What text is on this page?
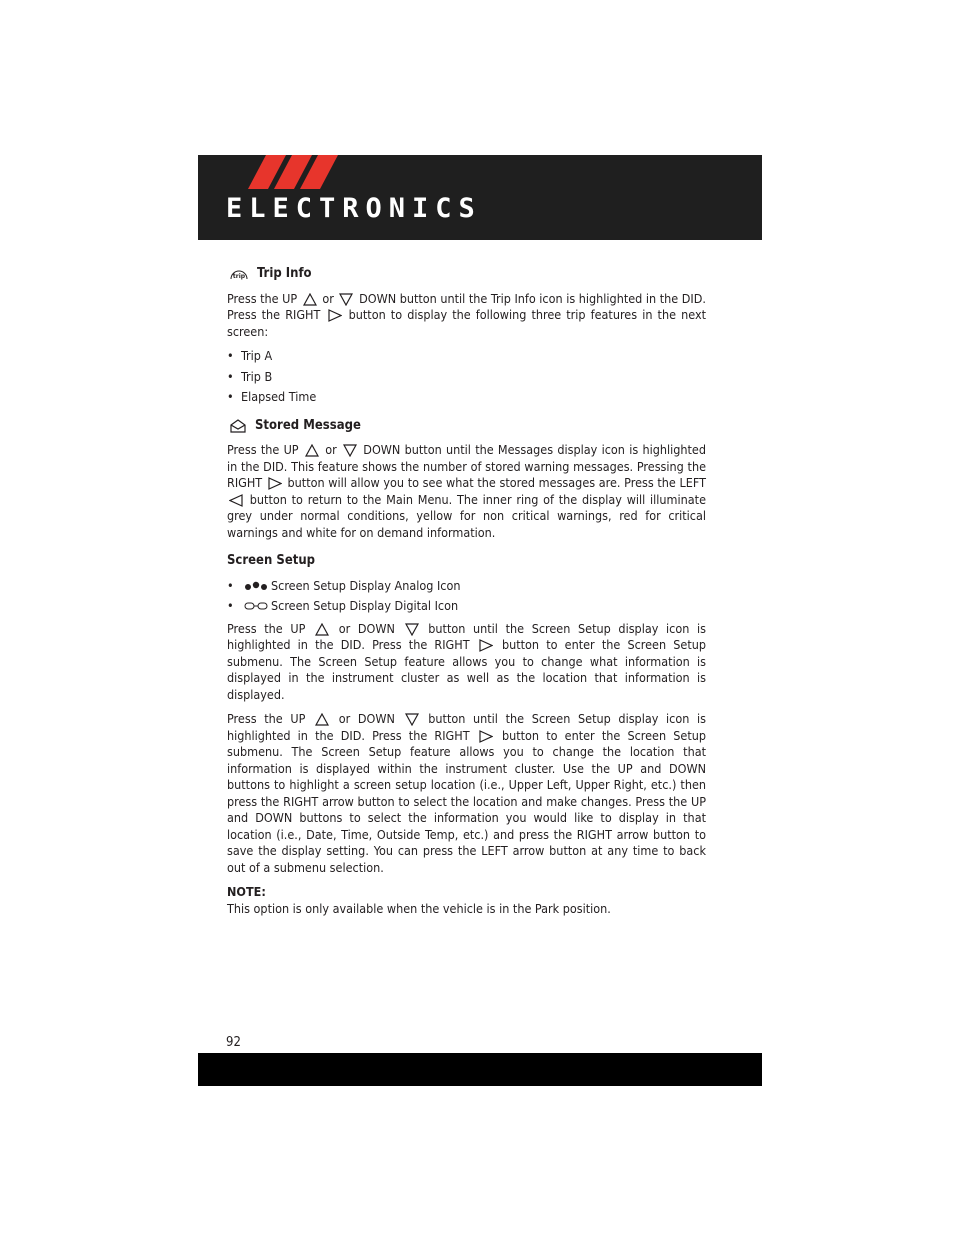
ELECTRONICS
trip Trip Info

Press the UP or DOWN button until the Trip Info icon is highlighted in the DID. Press the RIGHT button to display the following three trip features in the next screen:

• Trip A
• Trip B
• Elapsed Time
Stored Message

Press the UP or DOWN button until the Messages display icon is highlighted in the DID. This feature shows the number of stored warning messages. Pressing the RIGHT button will allow you to see what the stored messages are. Press the LEFT  button to return to the Main Menu. The inner ring of the display will illuminate grey under normal conditions, yellow for non critical warnings, red for critical warnings and white for on demand information.

Screen Setup
•	Screen Setup Display Analog Icon
•	Screen Setup Display Digital Icon

Press the UP	or DOWN	button until the Screen Setup display icon is highlighted in the DID. Press the RIGHT	button to enter the Screen Setup submenu. The Screen Setup feature allows you to change what information is displayed in the instrument cluster as well as the location that information is displayed.

Press the UP	or DOWN	button until the Screen Setup display icon is highlighted in the DID. Press the RIGHT	button to enter the Screen Setup submenu. The Screen Setup feature allows you to change the location that information is displayed within the instrument cluster. Use the UP and DOWN buttons to highlight a screen setup location (i.e., Upper Left, Upper Right, etc.) then press the RIGHT arrow button to select the location and make changes. Press the UP and DOWN buttons to select the information you would like to display in that location (i.e., Date, Time, Outside Temp, etc.) and press the RIGHT arrow button to save the display setting. You can press the LEFT arrow button at any time to back out of a submenu selection.

NOTE:

This option is only available when the vehicle is in the Park position.

92
